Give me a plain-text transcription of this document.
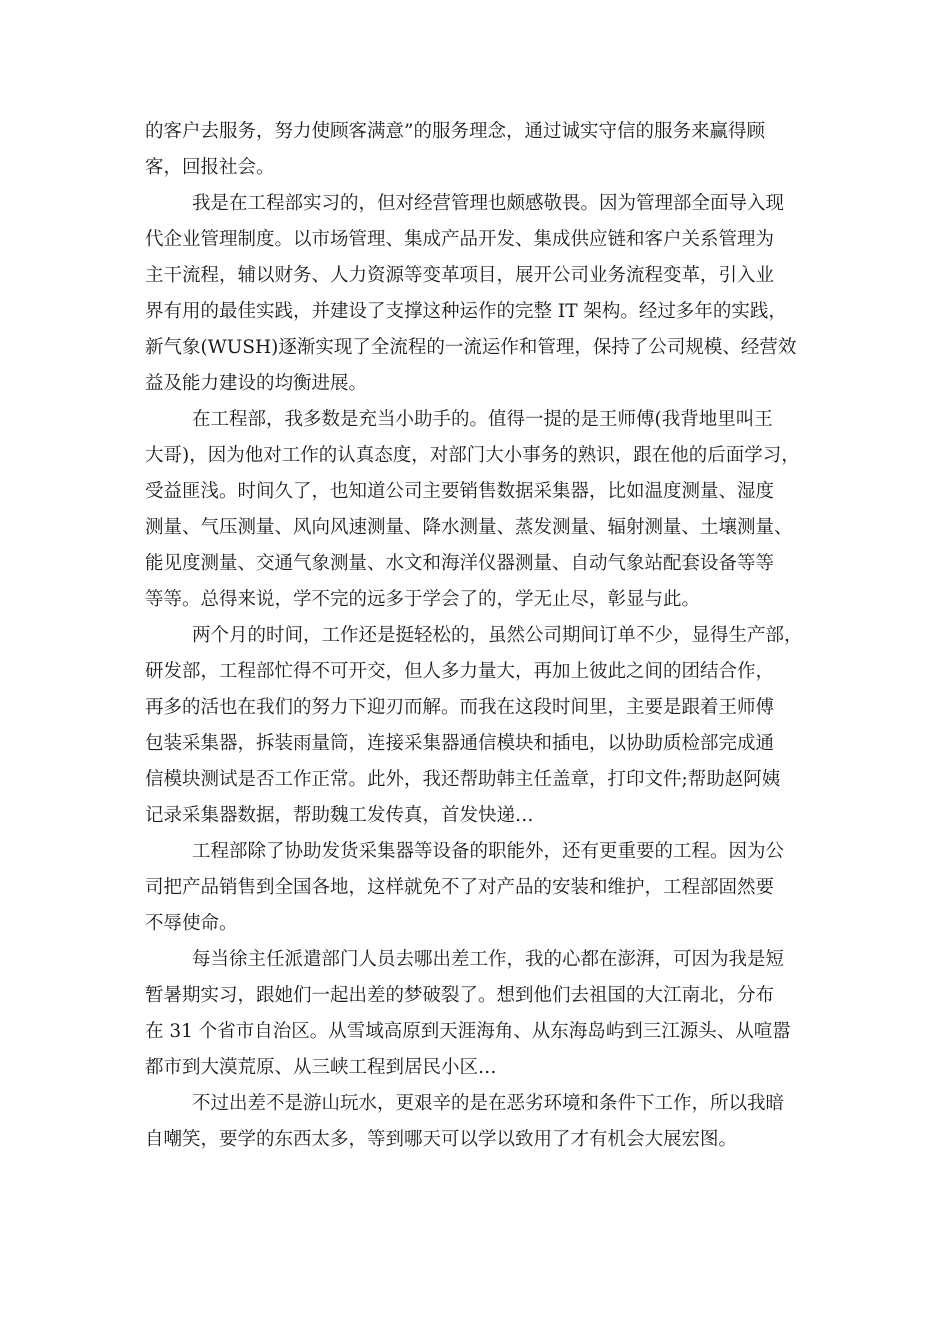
的客户去服务，努力使顾客满意”的服务理念，通过诚实守信的服务来赢得顾
客，回报社会。
我是在工程部实习的，但对经营管理也颇感敬畏。因为管理部全面导入现
代企业管理制度。以市场管理、集成产品开发、集成供应链和客户关系管理为
主干流程，辅以财务、人力资源等变革项目，展开公司业务流程变革，引入业
界有用的最佳实践，并建设了支撑这种运作的完整 IT 架构。经过多年的实践，
新气象(WUSH)逐渐实现了全流程的一流运作和管理，保持了公司规模、经营效
益及能力建设的均衡进展。
在工程部，我多数是充当小助手的。值得一提的是王师傅(我背地里叫王
大哥)，因为他对工作的认真态度，对部门大小事务的熟识，跟在他的后面学习，
受益匪浅。时间久了，也知道公司主要销售数据采集器，比如温度测量、湿度
测量、气压测量、风向风速测量、降水测量、蒸发测量、辐射测量、土壤测量、
能见度测量、交通气象测量、水文和海洋仪器测量、自动气象站配套设备等等
等等。总得来说，学不完的远多于学会了的，学无止尽，彰显与此。
两个月的时间，工作还是挺轻松的，虽然公司期间订单不少，显得生产部，
研发部，工程部忙得不可开交，但人多力量大，再加上彼此之间的团结合作，
再多的活也在我们的努力下迎刃而解。而我在这段时间里，主要是跟着王师傅
包装采集器，拆装雨量筒，连接采集器通信模块和插电，以协助质检部完成通
信模块测试是否工作正常。此外，我还帮助韩主任盖章，打印文件;帮助赵阿姨
记录采集器数据，帮助魏工发传真，首发快递…
工程部除了协助发货采集器等设备的职能外，还有更重要的工程。因为公
司把产品销售到全国各地，这样就免不了对产品的安装和维护，工程部固然要
不辱使命。
每当徐主任派遣部门人员去哪出差工作，我的心都在澎湃，可因为我是短
暂暑期实习，跟她们一起出差的梦破裂了。想到他们去祖国的大江南北，分布
在 31 个省市自治区。从雪域高原到天涯海角、从东海岛屿到三江源头、从喧嚣
都市到大漠荒原、从三峡工程到居民小区…
不过出差不是游山玩水，更艰辛的是在恶劣环境和条件下工作，所以我暗
自嘲笑，要学的东西太多，等到哪天可以学以致用了才有机会大展宏图。
